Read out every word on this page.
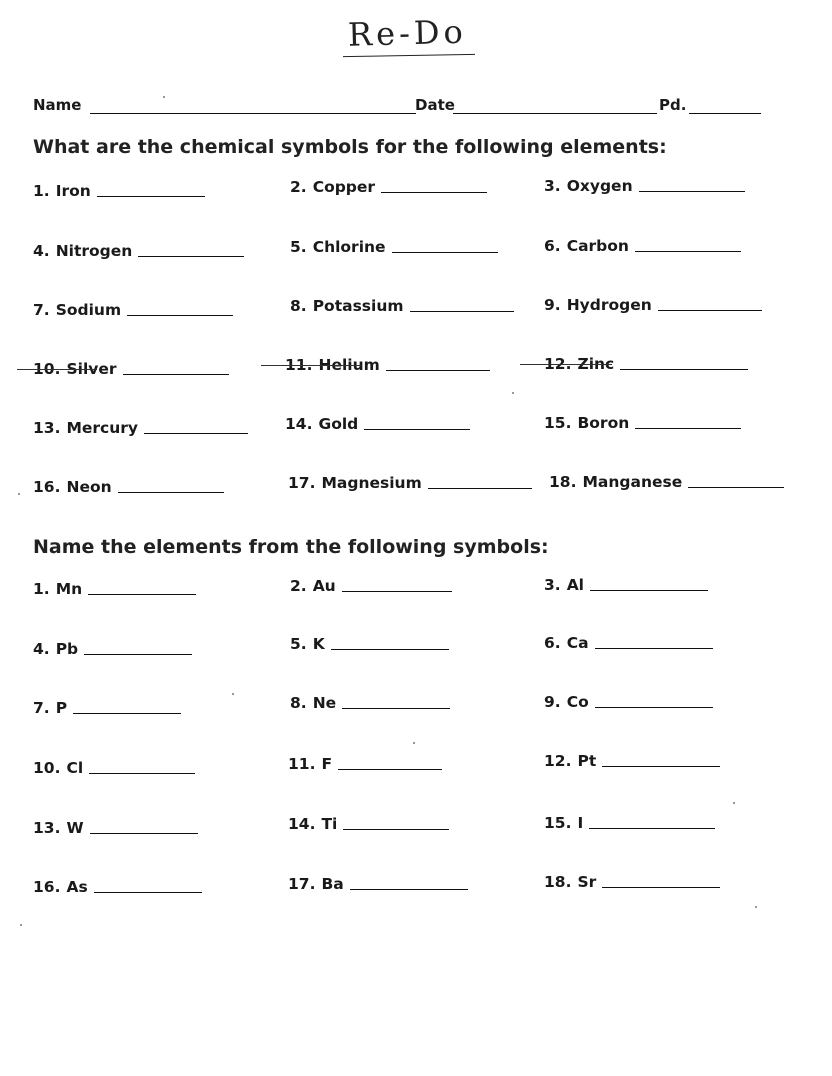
Re-Do
Name	Date	Pd.
What are the chemical symbols for the following elements:
1. Iron	2. Copper	3. Oxygen
4. Nitrogen	5. Chlorine	6. Carbon
7. Sodium	8. Potassium	9. Hydrogen
10. Silver	11. Helium	12. Zinc
13. Mercury	14. Gold	15. Boron
16. Neon	17. Magnesium	18. Manganese
Name the elements from the following symbols:
1. Mn	2. Au	3. Al
4. Pb	5. K	6. Ca
7. P	8. Ne	9. Co
10. Cl	11. F	12. Pt
13. W	14. Ti	15. I
16. As	17. Ba	18. Sr
